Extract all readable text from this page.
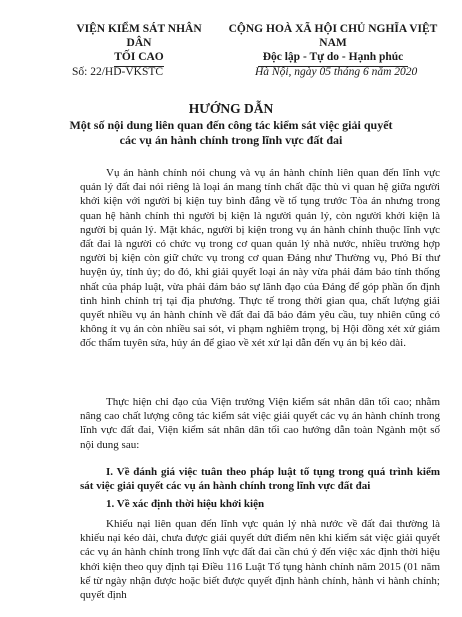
VIỆN KIỂM SÁT NHÂN DÂN
TỐI CAO
CỘNG HOÀ XÃ HỘI CHỦ NGHĨA VIỆT NAM
Độc lập - Tự do - Hạnh phúc
Số: 22/HD-VKSTC	Hà Nội, ngày 05 tháng 6 năm 2020
HƯỚNG DẪN
Một số nội dung liên quan đến công tác kiểm sát việc giải quyết
các vụ án hành chính trong lĩnh vực đất đai

Vụ án hành chính nói chung và vụ án hành chính liên quan đến lĩnh vực quản lý đất đai nói riêng là loại án mang tính chất đặc thù vì quan hệ giữa người khởi kiện với người bị kiện tuy bình đẳng về tố tụng trước Tòa án nhưng trong quan hệ hành chính thì người bị kiện là người quản lý, còn người khởi kiện là người bị quản lý. Mặt khác, người bị kiện trong vụ án hành chính thuộc lĩnh vực đất đai là người có chức vụ trong cơ quan quản lý nhà nước, nhiều trường hợp người bị kiện còn giữ chức vụ trong cơ quan Đảng như Thường vụ, Phó Bí thư huyện ủy, tỉnh ủy; do đó, khi giải quyết loại án này vừa phải đảm bảo tính thống nhất của pháp luật, vừa phải đảm bảo sự lãnh đạo của Đảng để góp phần ổn định tình hình chính trị tại địa phương. Thực tế trong thời gian qua, chất lượng giải quyết nhiều vụ án hành chính về đất đai đã bảo đảm yêu cầu, tuy nhiên cũng có không ít vụ án còn nhiều sai sót, vi phạm nghiêm trọng, bị Hội đồng xét xử giám đốc thẩm tuyên sửa, hủy án để giao về xét xử lại dẫn đến vụ án bị kéo dài.

Thực hiện chỉ đạo của Viện trưởng Viện kiểm sát nhân dân tối cao; nhằm nâng cao chất lượng công tác kiểm sát việc giải quyết các vụ án hành chính trong lĩnh vực đất đai, Viện kiểm sát nhân dân tối cao hướng dẫn toàn Ngành một số nội dung sau:

I. Về đánh giá việc tuân theo pháp luật tố tụng trong quá trình kiểm sát việc giải quyết các vụ án hành chính trong lĩnh vực đất đai
1. Về xác định thời hiệu khởi kiện

Khiếu nại liên quan đến lĩnh vực quản lý nhà nước về đất đai thường là khiếu nại kéo dài, chưa được giải quyết dứt điểm nên khi kiểm sát việc giải quyết các vụ án hành chính trong lĩnh vực đất đai cần chú ý đến việc xác định thời hiệu khởi kiện theo quy định tại Điều 116 Luật Tố tụng hành chính năm 2015 (01 năm kể từ ngày nhận được hoặc biết được quyết định hành chính, hành vi hành chính; quyết định
